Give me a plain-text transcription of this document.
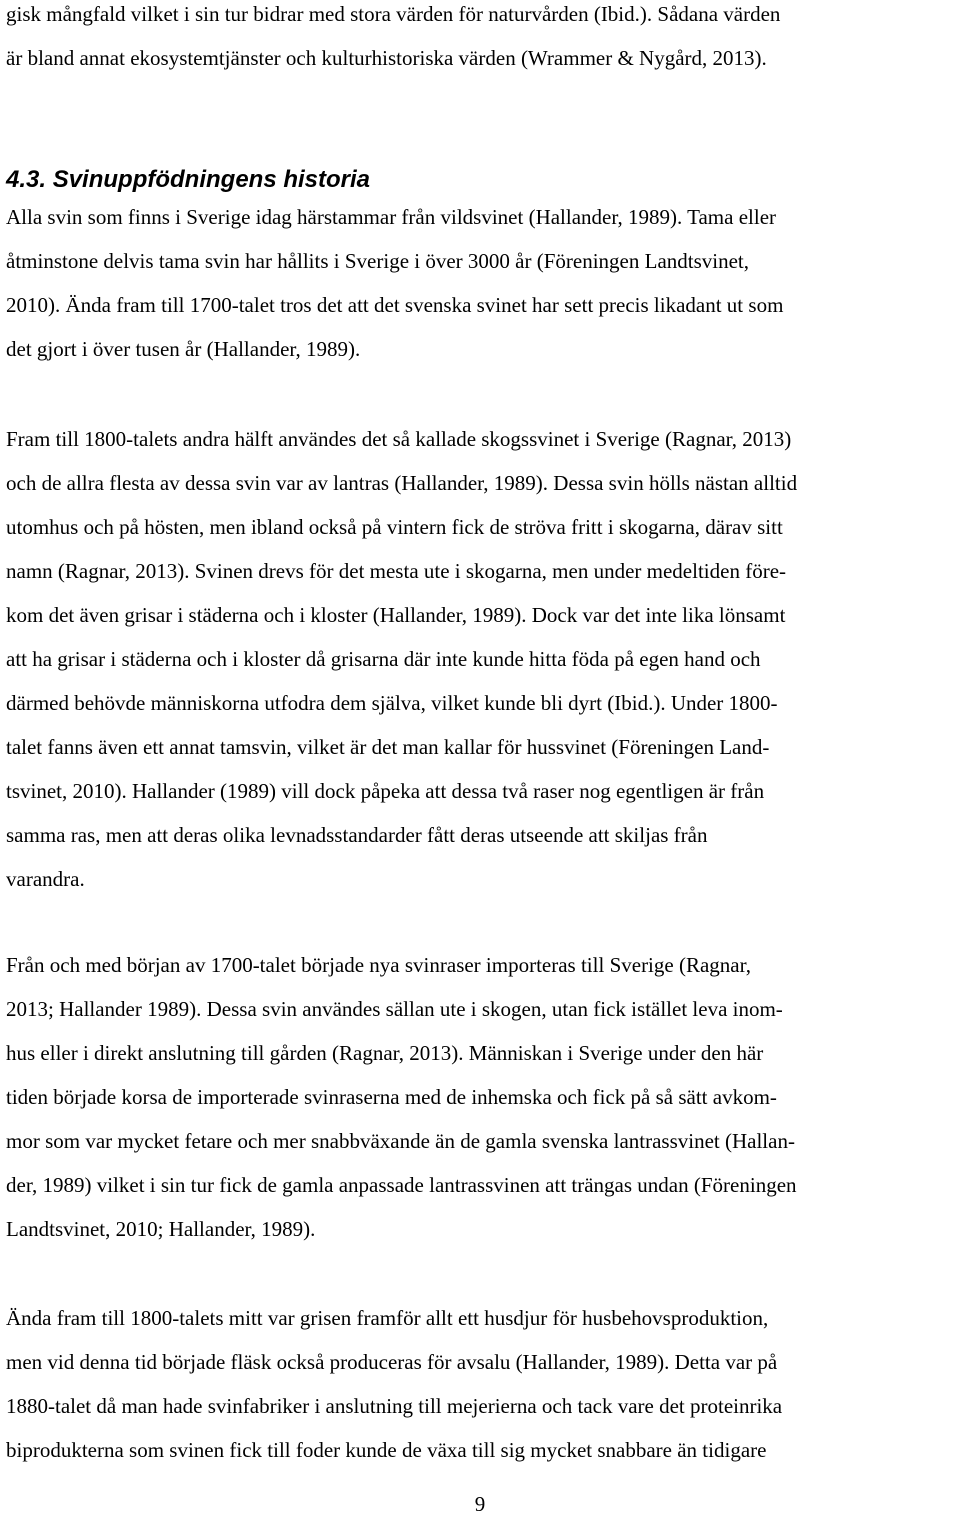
gisk mångfald vilket i sin tur bidrar med stora värden för naturvården (Ibid.). Sådana värden
är bland annat ekosystemtjänster och kulturhistoriska värden (Wrammer & Nygård, 2013).
4.3. Svinuppfödningens historia
Alla svin som finns i Sverige idag härstammar från vildsvinet (Hallander, 1989). Tama eller
åtminstone delvis tama svin har hållits i Sverige i över 3000 år (Föreningen Landtsvinet,
2010). Ända fram till 1700-talet tros det att det svenska svinet har sett precis likadant ut som
det gjort i över tusen år (Hallander, 1989).
Fram till 1800-talets andra hälft användes det så kallade skogssvinet i Sverige (Ragnar, 2013)
och de allra flesta av dessa svin var av lantras (Hallander, 1989). Dessa svin hölls nästan alltid
utomhus och på hösten, men ibland också på vintern fick de ströva fritt i skogarna, därav sitt
namn (Ragnar, 2013). Svinen drevs för det mesta ute i skogarna, men under medeltiden före-
kom det även grisar i städerna och i kloster (Hallander, 1989). Dock var det inte lika lönsamt
att ha grisar i städerna och i kloster då grisarna där inte kunde hitta föda på egen hand och
därmed behövde människorna utfodra dem själva, vilket kunde bli dyrt (Ibid.). Under 1800-
talet fanns även ett annat tamsvin, vilket är det man kallar för hussvinet (Föreningen Land-
tsvinet, 2010). Hallander (1989) vill dock påpeka att dessa två raser nog egentligen är från
samma ras, men att deras olika levnadsstandarder fått deras utseende att skiljas från
varandra.
Från och med början av 1700-talet började nya svinraser importeras till Sverige (Ragnar,
2013; Hallander 1989). Dessa svin användes sällan ute i skogen, utan fick istället leva inom-
hus eller i direkt anslutning till gården (Ragnar, 2013). Människan i Sverige under den här
tiden började korsa de importerade svinraserna med de inhemska och fick på så sätt avkom-
mor som var mycket fetare och mer snabbväxande än de gamla svenska lantrassvinet (Hallan-
der, 1989) vilket i sin tur fick de gamla anpassade lantrassvinen att trängas undan (Föreningen
Landtsvinet, 2010; Hallander, 1989).
Ända fram till 1800-talets mitt var grisen framför allt ett husdjur för husbehovsproduktion,
men vid denna tid började fläsk också produceras för avsalu (Hallander, 1989). Detta var på
1880-talet då man hade svinfabriker i anslutning till mejerierna och tack vare det proteinrika
biprodukterna som svinen fick till foder kunde de växa till sig mycket snabbare än tidigare
9
